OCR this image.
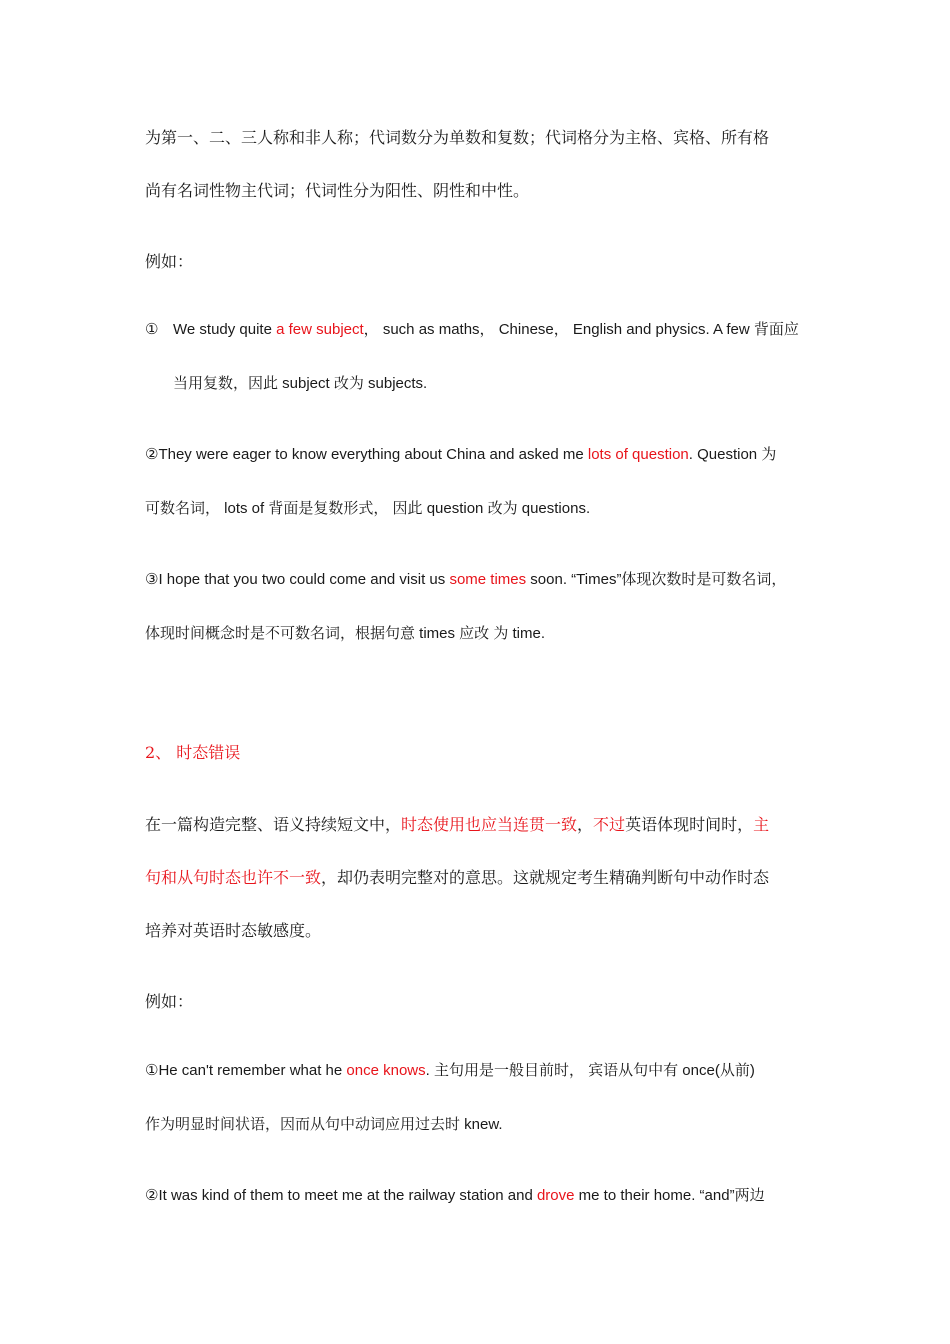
为第一、二、三人称和非人称；代词数分为单数和复数；代词格分为主格、宾格、所有格
尚有名词性物主代词；代词性分为阳性、阴性和中性。
例如：
① We study quite a few subject， such as maths， Chinese， English and physics. A few 背面应
当用复数，因此 subject 改为 subjects.
②They were eager to know everything about China and asked me lots of question. Question 为
可数名词， lots of 背面是复数形式， 因此 question 改为 questions.
③I hope that you two could come and visit us some times soon. “Times”体现次数时是可数名词，
体现时间概念时是不可数名词，根据句意 times 应改 为 time.
2、 时态错误
在一篇构造完整、语义持续短文中，时态使用也应当连贯一致，不过英语体现时间时，主
句和从句时态也许不一致，却仍表明完整对的意思。这就规定考生精确判断句中动作时态
培养对英语时态敏感度。
例如：
①He can't remember what he once knows. 主句用是一般目前时， 宾语从句中有 once(从前)
作为明显时间状语，因而从句中动词应用过去时 knew.
②It was kind of them to meet me at the railway station and drove me to their home. “and”两边
